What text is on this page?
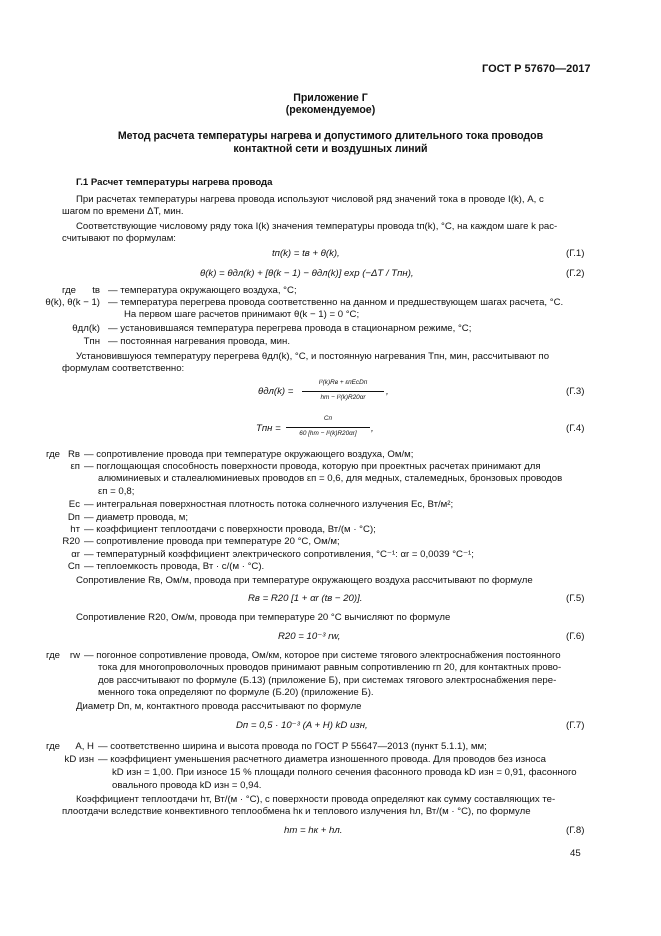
ГОСТ Р 57670—2017
Приложение Г
(рекомендуемое)
Метод расчета температуры нагрева и допустимого длительного тока проводов
контактной сети и воздушных линий
Г.1 Расчет температуры нагрева провода
При расчетах температуры нагрева провода используют числовой ряд значений тока в проводе I(k), А, с
шагом по времени ΔT, мин.
Соответствующие числовому ряду тока I(k) значения температуры провода tп(k), °С, на каждом шаге k рас-
считывают по формулам:
tп(k) = tв + θ(k),	(Г.1)
θ(k) = θдл(k) + [θ(k − 1) − θдл(k)] exp (−ΔT / Tпн),	(Г.2)
где	tв — температура окружающего воздуха, °С;
θ(k), θ(k − 1) — температура перегрева провода соответственно на данном и предшествующем шагах расчета, °С.
На первом шаге расчетов принимают θ(k − 1) = 0 °С;
θдл(k) — установившаяся температура перегрева провода в стационарном режиме, °С;
Tпн — постоянная нагревания провода, мин.
Установившуюся температуру перегрева θдл(k), °С, и постоянную нагревания Tпн, мин, рассчитывают по
формулам соответственно:
θдл(k) =
I²(k)Rв + εпEсDп
hт − I²(k)R20αr
,	(Г.3)
Tпн =
Cп
60 [hт − I²(k)R20αr]	,	(Г.4)
где Rв — сопротивление провода при температуре окружающего воздуха, Ом/м;
εп — поглощающая способность поверхности провода, которую при проектных расчетах принимают для
алюминиевых и сталеалюминиевых проводов εп = 0,6, для медных, сталемедных, бронзовых проводов
εп = 0,8;
Eс — интегральная поверхностная плотность потока солнечного излучения Eс, Вт/м²;
Dп — диаметр провода, м;
hт — коэффициент теплоотдачи с поверхности провода, Вт/(м · °С);
R20 — сопротивление провода при температуре 20 °С, Ом/м;
αr — температурный коэффициент электрического сопротивления, °С⁻¹: αr = 0,0039 °С⁻¹;
Cп — теплоемкость провода, Вт · с/(м · °С).
Сопротивление Rв, Ом/м, провода при температуре окружающего воздуха рассчитывают по формуле
Rв = R20 [1 + αr (tв − 20)].	(Г.5)
Сопротивление R20, Ом/м, провода при температуре 20 °С вычисляют по формуле
R20 = 10⁻³ rw,	(Г.6)
где	rw — погонное сопротивление провода, Ом/км, которое при системе тягового электроснабжения постоянного
тока для многопроволочных проводов принимают равным сопротивлению rп 20, для контактных прово-
дов рассчитывают по формуле (Б.13) (приложение Б), при системах тягового электроснабжения пере-
менного тока определяют по формуле (Б.20) (приложение Б).
Диаметр Dп, м, контактного провода рассчитывают по формуле
Dп = 0,5 · 10⁻³ (A + H) kD изн,	(Г.7)
где	A, H — соответственно ширина и высота провода по ГОСТ Р 55647—2013 (пункт 5.1.1), мм;
kD изн — коэффициент уменьшения расчетного диаметра изношенного провода. Для проводов без износа
kD изн = 1,00. При износе 15 % площади полного сечения фасонного провода kD изн = 0,91, фасонного
овального провода kD изн = 0,94.
Коэффициент теплоотдачи hт, Вт/(м · °С), с поверхности провода определяют как сумму составляющих те-
плоотдачи вследствие конвективного теплообмена hк и теплового излучения hл, Вт/(м · °С), по формуле
hт = hк + hл.	(Г.8)
45
